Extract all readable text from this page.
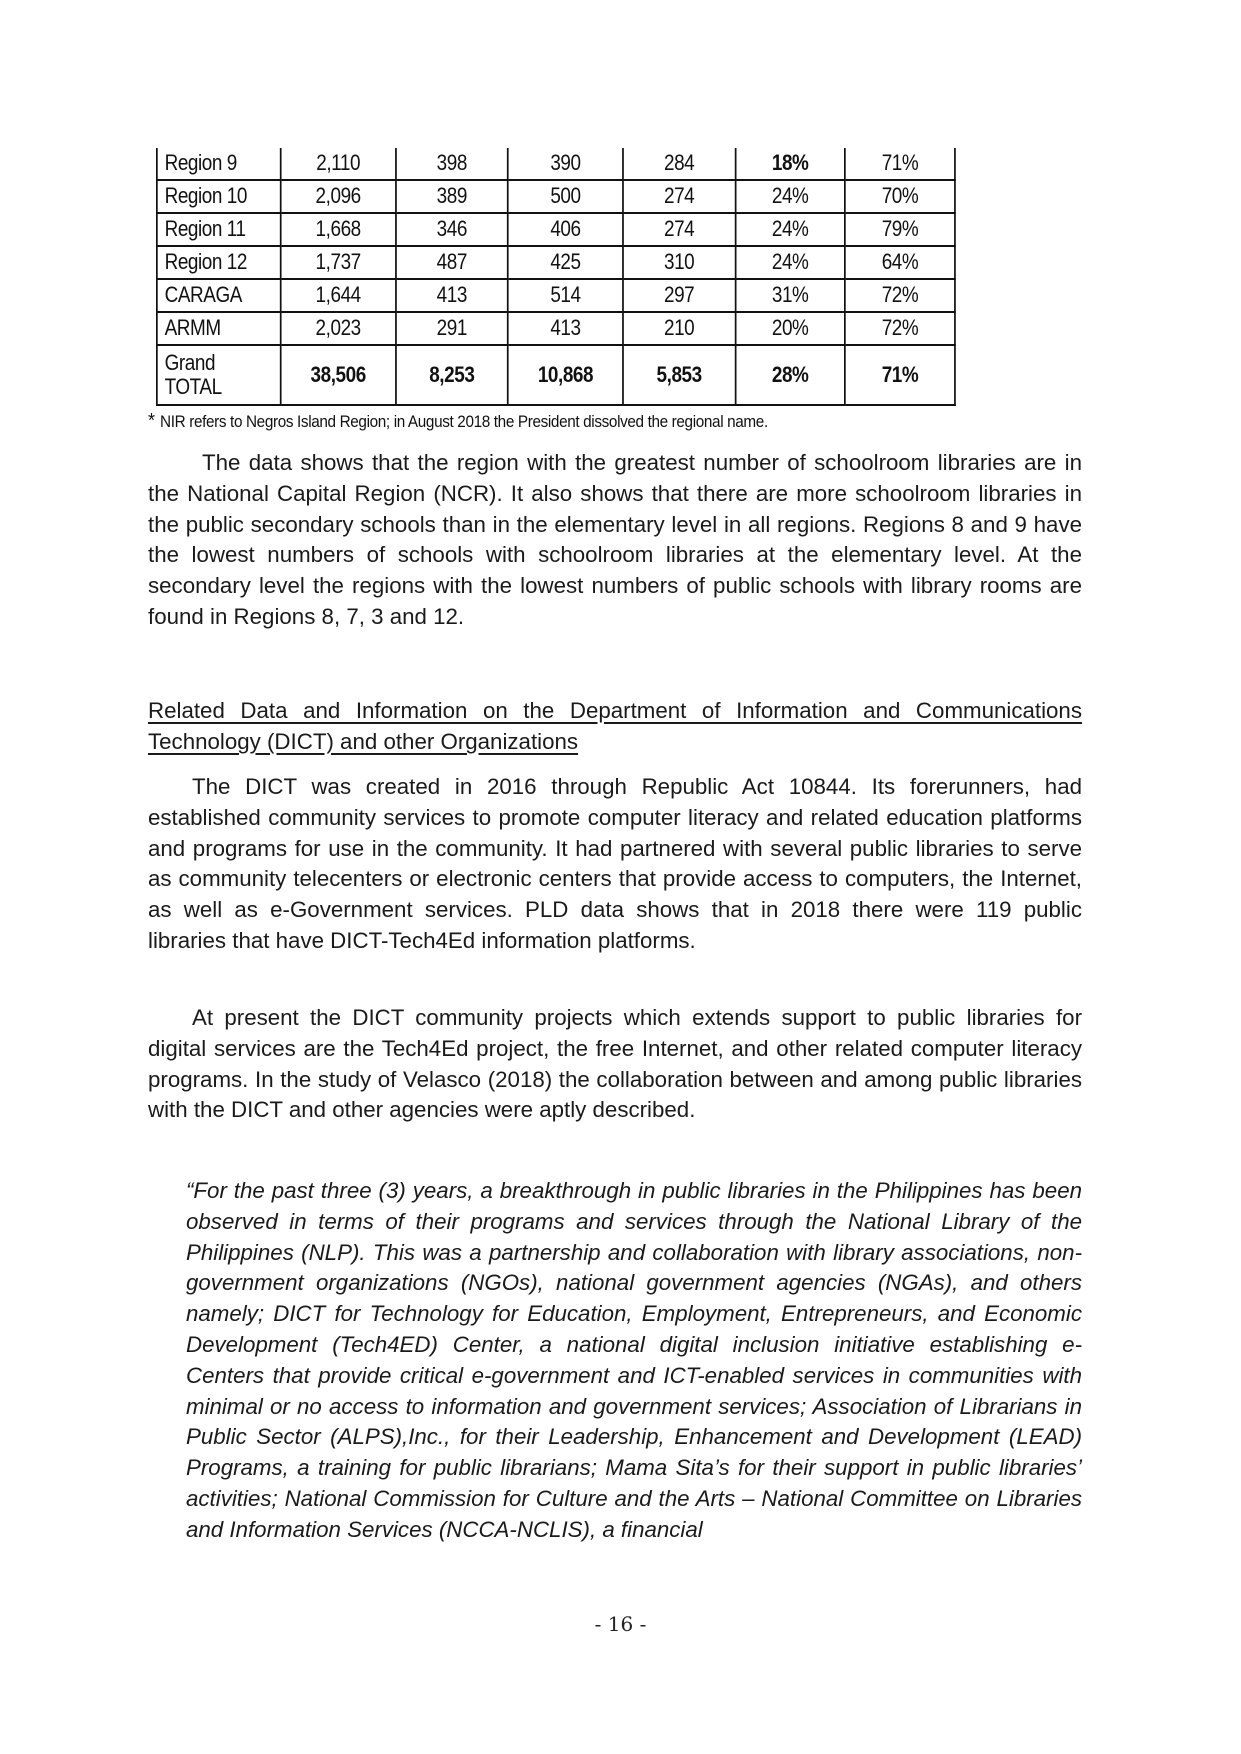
Region 9	2,110	398	390	284	18%	71%
Region 10	2,096	389	500	274	24%	70%
Region 11	1,668	346	406	274	24%	79%
Region 12	1,737	487	425	310	24%	64%
CARAGA	1,644	413	514	297	31%	72%
ARMM	2,023	291	413	210	20%	72%
Grand
TOTAL	38,506	8,253	10,868	5,853	28%	71%
* NIR refers to Negros Island Region; in August 2018 the President dissolved the regional name.

The data shows that the region with the greatest number of schoolroom libraries are in the National Capital Region (NCR). It also shows that there are more schoolroom libraries in the public secondary schools than in the elementary level in all regions. Regions 8 and 9 have the lowest numbers of schools with schoolroom libraries at the elementary level. At the secondary level the regions with the lowest numbers of public schools with library rooms are found in Regions 8, 7, 3 and 12.

Related Data and Information on the Department of Information and Communications Technology (DICT) and other Organizations

The DICT was created in 2016 through Republic Act 10844. Its forerunners, had established community services to promote computer literacy and related education platforms and programs for use in the community. It had partnered with several public libraries to serve as community telecenters or electronic centers that provide access to computers, the Internet, as well as e-Government services. PLD data shows that in 2018 there were 119 public libraries that have DICT-Tech4Ed information platforms.

At present the DICT community projects which extends support to public libraries for digital services are the Tech4Ed project, the free Internet, and other related computer literacy programs. In the study of Velasco (2018) the collaboration between and among public libraries with the DICT and other agencies were aptly described.

“For the past three (3) years, a breakthrough in public libraries in the Philippines has been observed in terms of their programs and services through the National Library of the Philippines (NLP). This was a partnership and collaboration with library associations, non-government organizations (NGOs), national government agencies (NGAs), and others namely; DICT for Technology for Education, Employment, Entrepreneurs, and Economic Development (Tech4ED) Center, a national digital inclusion initiative establishing e-Centers that provide critical e-government and ICT-enabled services in communities with minimal or no access to information and government services; Association of Librarians in Public Sector (ALPS),Inc., for their Leadership, Enhancement and Development (LEAD) Programs, a training for public librarians; Mama Sita’s for their support in public libraries’ activities; National Commission for Culture and the Arts – National Committee on Libraries and Information Services (NCCA-NCLIS), a financial

- 16 -
